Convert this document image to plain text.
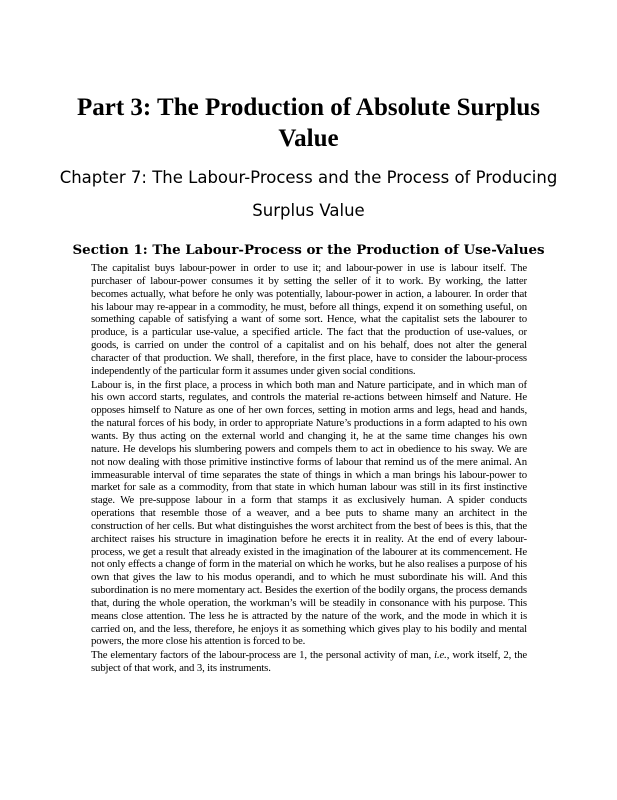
Part 3: The Production of Absolute Surplus Value
Chapter 7: The Labour-Process and the Process of Producing Surplus Value
Section 1: The Labour-Process or the Production of Use-Values

The capitalist buys labour-power in order to use it; and labour-power in use is labour itself. The purchaser of labour-power consumes it by setting the seller of it to work. By working, the latter becomes actually, what before he only was potentially, labour-power in action, a labourer. In order that his labour may re-appear in a commodity, he must, before all things, expend it on something useful, on something capable of satisfying a want of some sort. Hence, what the capitalist sets the labourer to produce, is a particular use-value, a specified article. The fact that the production of use-values, or goods, is carried on under the control of a capitalist and on his behalf, does not alter the general character of that production. We shall, therefore, in the first place, have to consider the labour-process independently of the particular form it assumes under given social conditions.

Labour is, in the first place, a process in which both man and Nature participate, and in which man of his own accord starts, regulates, and controls the material re-actions between himself and Nature. He opposes himself to Nature as one of her own forces, setting in motion arms and legs, head and hands, the natural forces of his body, in order to appropriate Nature’s productions in a form adapted to his own wants. By thus acting on the external world and changing it, he at the same time changes his own nature. He develops his slumbering powers and compels them to act in obedience to his sway. We are not now dealing with those primitive instinctive forms of labour that remind us of the mere animal. An immeasurable interval of time separates the state of things in which a man brings his labour-power to market for sale as a commodity, from that state in which human labour was still in its first instinctive stage. We pre-suppose labour in a form that stamps it as exclusively human. A spider conducts operations that resemble those of a weaver, and a bee puts to shame many an architect in the construction of her cells. But what distinguishes the worst architect from the best of bees is this, that the architect raises his structure in imagination before he erects it in reality. At the end of every labour-process, we get a result that already existed in the imagination of the labourer at its commencement. He not only effects a change of form in the material on which he works, but he also realises a purpose of his own that gives the law to his modus operandi, and to which he must subordinate his will. And this subordination is no mere momentary act. Besides the exertion of the bodily organs, the process demands that, during the whole operation, the workman’s will be steadily in consonance with his purpose. This means close attention. The less he is attracted by the nature of the work, and the mode in which it is carried on, and the less, therefore, he enjoys it as something which gives play to his bodily and mental powers, the more close his attention is forced to be.

The elementary factors of the labour-process are 1, the personal activity of man, i.e., work itself, 2, the subject of that work, and 3, its instruments.
